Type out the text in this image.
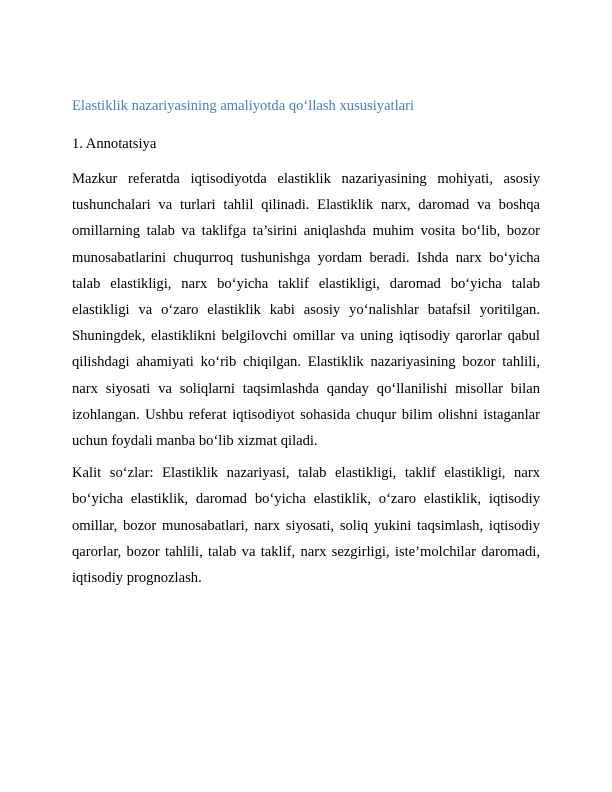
Elastiklik nazariyasining amaliyotda qo‘llash xususiyatlari
1. Annotatsiya

Mazkur referatda iqtisodiyotda elastiklik nazariyasining mohiyati, asosiy tushunchalari va turlari tahlil qilinadi. Elastiklik narx, daromad va boshqa omillarning talab va taklifga ta’sirini aniqlashda muhim vosita bo‘lib, bozor munosabatlarini chuqurroq tushunishga yordam beradi. Ishda narx bo‘yicha talab elastikligi, narx bo‘yicha taklif elastikligi, daromad bo‘yicha talab elastikligi va o‘zaro elastiklik kabi asosiy yo‘nalishlar batafsil yoritilgan. Shuningdek, elastiklikni belgilovchi omillar va uning iqtisodiy qarorlar qabul qilishdagi ahamiyati ko‘rib chiqilgan. Elastiklik nazariyasining bozor tahlili, narx siyosati va soliqlarni taqsimlashda qanday qo‘llanilishi misollar bilan izohlangan. Ushbu referat iqtisodiyot sohasida chuqur bilim olishni istaganlar uchun foydali manba bo‘lib xizmat qiladi.

Kalit so‘zlar: Elastiklik nazariyasi, talab elastikligi, taklif elastikligi, narx bo‘yicha elastiklik, daromad bo‘yicha elastiklik, o‘zaro elastiklik, iqtisodiy omillar, bozor munosabatlari, narx siyosati, soliq yukini taqsimlash, iqtisodiy qarorlar, bozor tahlili, talab va taklif, narx sezgirligi, iste’molchilar daromadi, iqtisodiy prognozlash.
